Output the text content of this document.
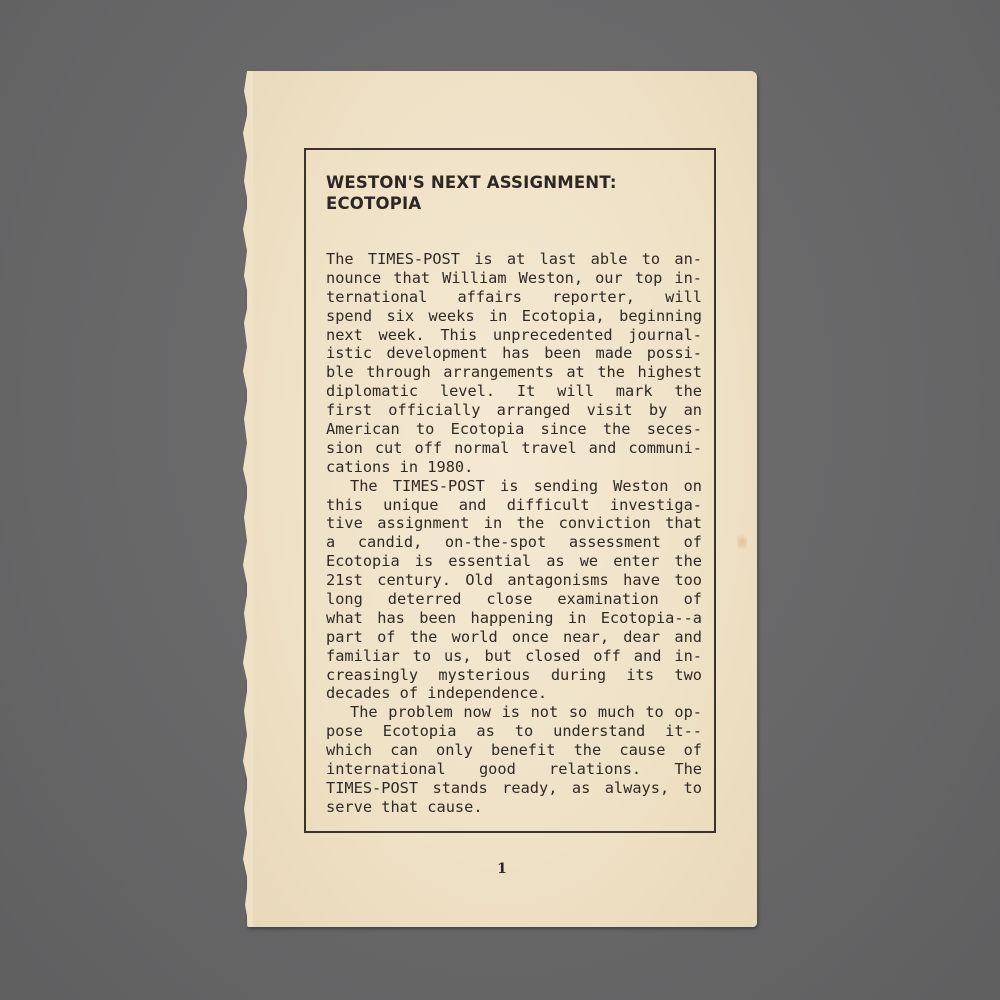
WESTON'S NEXT ASSIGNMENT:
ECOTOPIA
The TIMES-POST is at last able to an-
nounce that William Weston, our top in-
ternational affairs reporter, will
spend six weeks in Ecotopia, beginning
next week. This unprecedented journal-
istic development has been made possi-
ble through arrangements at the highest
diplomatic level. It will mark the
first officially arranged visit by an
American to Ecotopia since the seces-
sion cut off normal travel and communi-
cations in 1980.
The TIMES-POST is sending Weston on
this unique and difficult investiga-
tive assignment in the conviction that
a candid, on-the-spot assessment of
Ecotopia is essential as we enter the
21st century. Old antagonisms have too
long deterred close examination of
what has been happening in Ecotopia--a
part of the world once near, dear and
familiar to us, but closed off and in-
creasingly mysterious during its two
decades of independence.
The problem now is not so much to op-
pose Ecotopia as to understand it--
which can only benefit the cause of
international good relations. The
TIMES-POST stands ready, as always, to
serve that cause.
1
